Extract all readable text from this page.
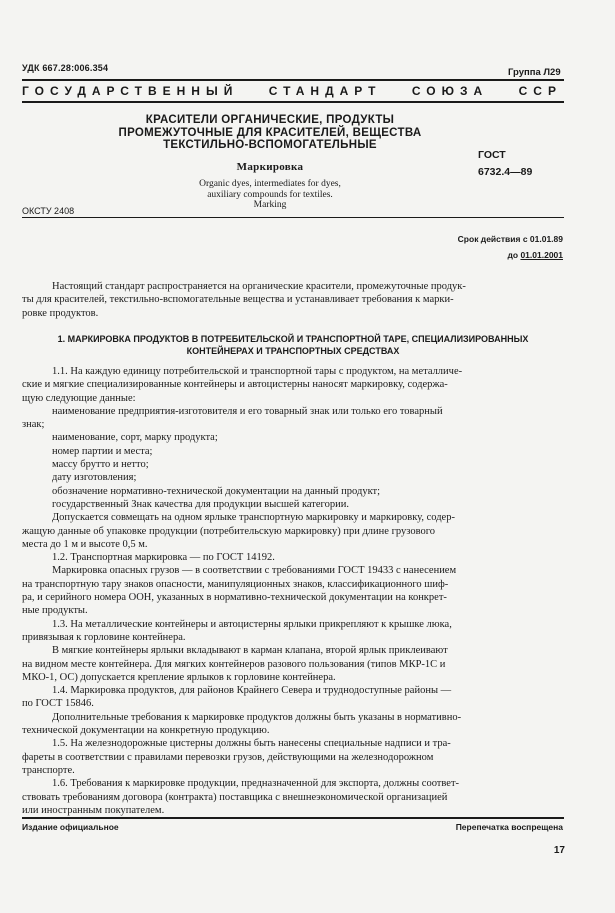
УДК 667.28:006.354	Группа Л29
ГОСУДАРСТВЕННЫЙ	СТАНДАРТ	СОЮЗА	ССР
КРАСИТЕЛИ ОРГАНИЧЕСКИЕ, ПРОДУКТЫ
ПРОМЕЖУТОЧНЫЕ ДЛЯ КРАСИТЕЛЕЙ, ВЕЩЕСТВА
ТЕКСТИЛЬНО-ВСПОМОГАТЕЛЬНЫЕ
Маркировка
Organic dyes, intermediates for dyes,
auxiliary compounds for textiles.
Marking
ГОСТ
6732.4—89
ОКСТУ 2408
Срок действия с 01.01.89
до 01.01.2001
Настоящий стандарт распространяется на органические красители, промежуточные продук-
ты для красителей, текстильно-вспомогательные вещества и устанавливает требования к марки-
ровке продуктов.
1. МАРКИРОВКА ПРОДУКТОВ В ПОТРЕБИТЕЛЬСКОЙ И ТРАНСПОРТНОЙ ТАРЕ, СПЕЦИАЛИЗИРОВАННЫХ
КОНТЕЙНЕРАХ И ТРАНСПОРТНЫХ СРЕДСТВАХ
1.1. На каждую единицу потребительской и транспортной тары с продуктом, на металличе-
ские и мягкие специализированные контейнеры и автоцистерны наносят маркировку, содержа-
щую следующие данные:
наименование предприятия-изготовителя и его товарный знак или только его товарный
знак;
наименование, сорт, марку продукта;
номер партии и места;
массу брутто и нетто;
дату изготовления;
обозначение нормативно-технической документации на данный продукт;
государственный Знак качества для продукции высшей категории.
Допускается совмещать на одном ярлыке транспортную маркировку и маркировку, содер-
жащую данные об упаковке продукции (потребительскую маркировку) при длине грузового
места до 1 м и высоте 0,5 м.
1.2. Транспортная маркировка — по ГОСТ 14192.
Маркировка опасных грузов — в соответствии с требованиями ГОСТ 19433 с нанесением
на транспортную тару знаков опасности, манипуляционных знаков, классификационного шиф-
ра, и серийного номера ООН, указанных в нормативно-технической документации на конкрет-
ные продукты.
1.3. На металлические контейнеры и автоцистерны ярлыки прикрепляют к крышке люка,
привязывая к горловине контейнера.
В мягкие контейнеры ярлыки вкладывают в карман клапана, второй ярлык приклеивают
на видном месте контейнера. Для мягких контейнеров разового пользования (типов МКР-1С и
МКО-1, ОС) допускается крепление ярлыков к горловине контейнера.
1.4. Маркировка продуктов, для районов Крайнего Севера и труднодоступные районы —
по ГОСТ 15846.
Дополнительные требования к маркировке продуктов должны быть указаны в нормативно-
технической документации на конкретную продукцию.
1.5. На железнодорожные цистерны должны быть нанесены специальные надписи и тра-
фареты в соответствии с правилами перевозки грузов, действующими на железнодорожном
транспорте.
1.6. Требования к маркировке продукции, предназначенной для экспорта, должны соответ-
ствовать требованиям договора (контракта) поставщика с внешнеэкономической организацией
или иностранным покупателем.
Издание официальное	Перепечатка воспрещена
17
